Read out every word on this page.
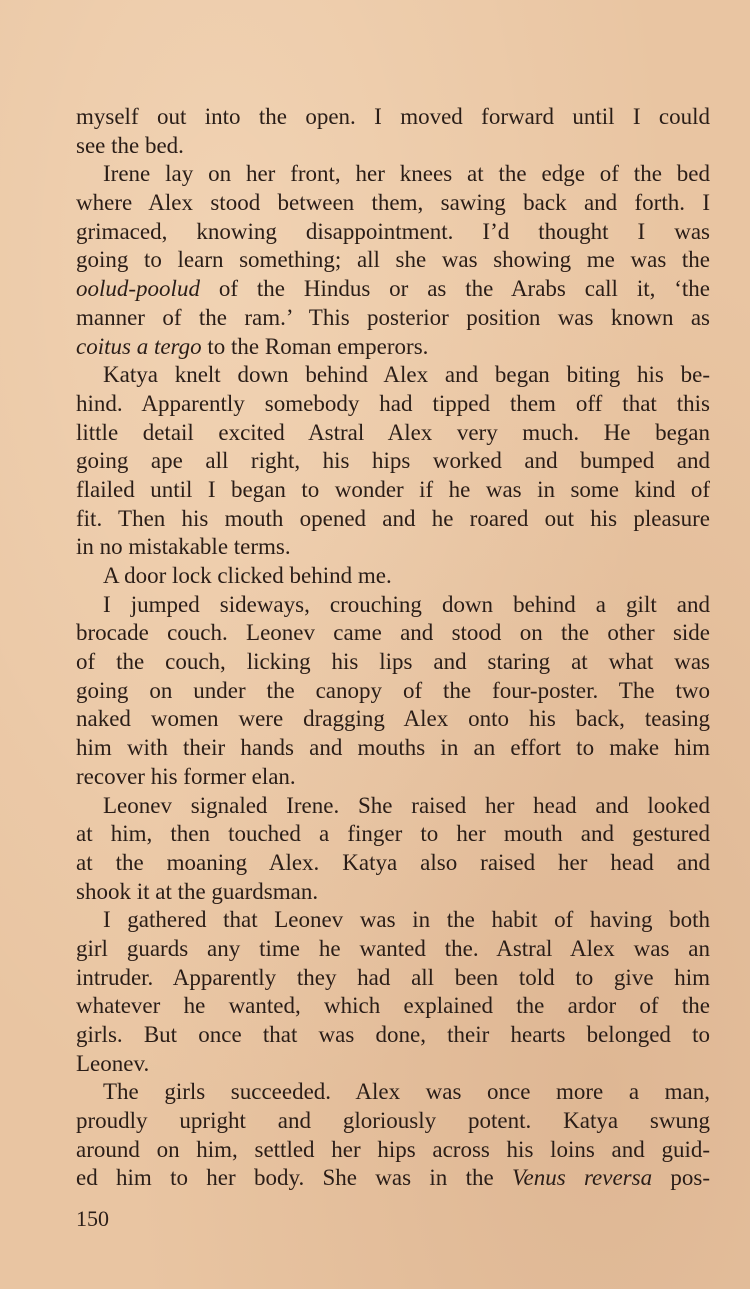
myself out into the open. I moved forward until I could
see the bed.
Irene lay on her front, her knees at the edge of the bed
where Alex stood between them, sawing back and forth. I
grimaced, knowing disappointment. I’d thought I was
going to learn something; all she was showing me was the
oolud-poolud of the Hindus or as the Arabs call it, ‘the
manner of the ram.’ This posterior position was known as
coitus a tergo to the Roman emperors.
Katya knelt down behind Alex and began biting his be-
hind. Apparently somebody had tipped them off that this
little detail excited Astral Alex very much. He began
going ape all right, his hips worked and bumped and
flailed until I began to wonder if he was in some kind of
fit. Then his mouth opened and he roared out his pleasure
in no mistakable terms.
A door lock clicked behind me.
I jumped sideways, crouching down behind a gilt and
brocade couch. Leonev came and stood on the other side
of the couch, licking his lips and staring at what was
going on under the canopy of the four-poster. The two
naked women were dragging Alex onto his back, teasing
him with their hands and mouths in an effort to make him
recover his former elan.
Leonev signaled Irene. She raised her head and looked
at him, then touched a finger to her mouth and gestured
at the moaning Alex. Katya also raised her head and
shook it at the guardsman.
I gathered that Leonev was in the habit of having both
girl guards any time he wanted the. Astral Alex was an
intruder. Apparently they had all been told to give him
whatever he wanted, which explained the ardor of the
girls. But once that was done, their hearts belonged to
Leonev.
The girls succeeded. Alex was once more a man,
proudly upright and gloriously potent. Katya swung
around on him, settled her hips across his loins and guid-
ed him to her body. She was in the Venus reversa pos-
150
